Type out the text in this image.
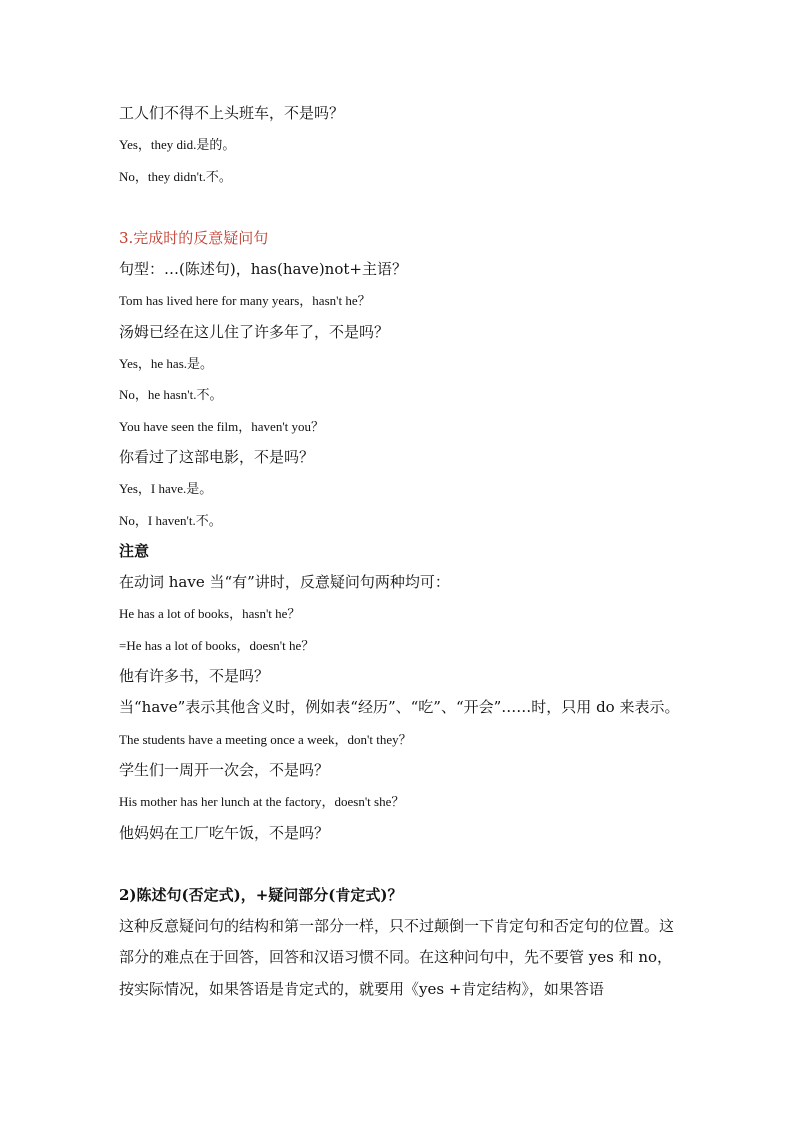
工人们不得不上头班车，不是吗？
Yes，they did.是的。
No，they didn't.不。
3.完成时的反意疑问句
句型：…(陈述句)，has(have)not+主语？
Tom has lived here for many years，hasn't he？
汤姆已经在这儿住了许多年了，不是吗？
Yes，he has.是。
No，he hasn't.不。
You have seen the film，haven't you？
你看过了这部电影，不是吗？
Yes，I have.是。
No，I haven't.不。
注意
在动词 have 当“有”讲时，反意疑问句两种均可：
He has a lot of books，hasn't he？
=He has a lot of books，doesn't he？
他有许多书，不是吗？
当“have”表示其他含义时，例如表“经历”、“吃”、“开会”……时，只用 do 来表示。
The students have a meeting once a week，don't they？
学生们一周开一次会，不是吗？
His mother has her lunch at the factory，doesn't she？
他妈妈在工厂吃午饭，不是吗？
2)陈述句(否定式)，+疑问部分(肯定式)？
这种反意疑问句的结构和第一部分一样，只不过颠倒一下肯定句和否定句的位置。这部分的难点在于回答，回答和汉语习惯不同。在这种问句中，先不要管 yes 和 no，按实际情况，如果答语是肯定式的，就要用《yes +肯定结构》，如果答语
